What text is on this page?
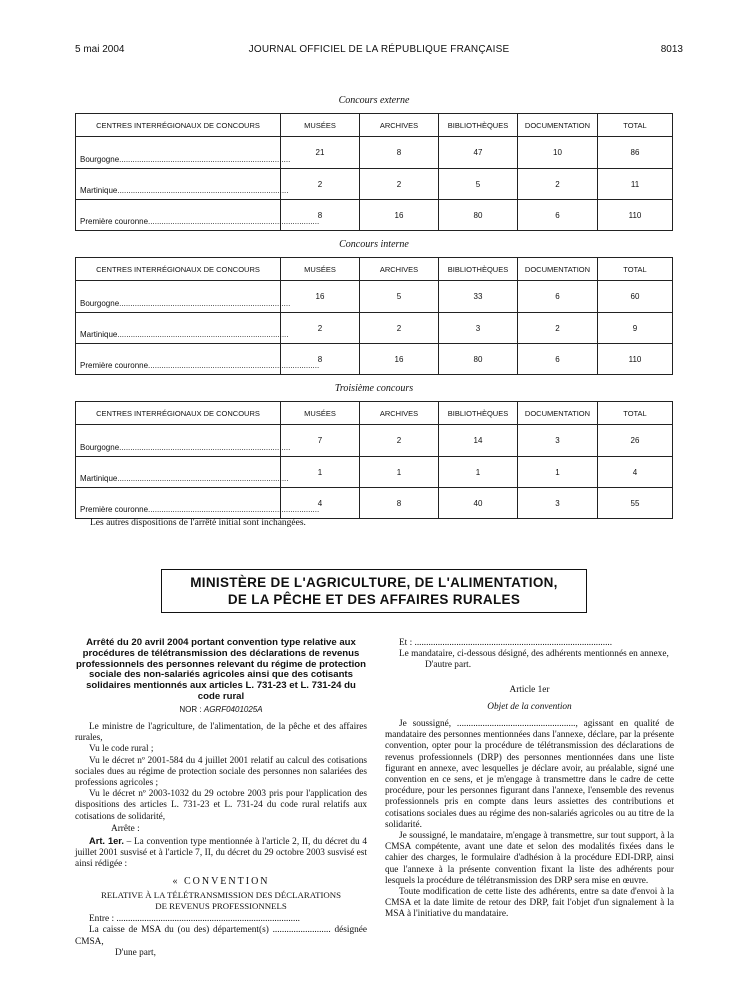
5 mai 2004	JOURNAL OFFICIEL DE LA RÉPUBLIQUE FRANÇAISE	8013
Concours externe
CENTRES INTERRÉGIONAUX DE CONCOURS	MUSÉES	ARCHIVES	BIBLIOTHÈQUES	DOCUMENTATION	TOTAL

Bourgogne.............................................................................	21	8	47	10	86

Martinique.............................................................................	2	2	5	2	11

Première couronne.............................................................................	8	16	80	6	110
Concours interne
CENTRES INTERRÉGIONAUX DE CONCOURS	MUSÉES	ARCHIVES	BIBLIOTHÈQUES	DOCUMENTATION	TOTAL

Bourgogne.............................................................................	16	5	33	6	60

Martinique.............................................................................	2	2	3	2	9

Première couronne.............................................................................	8	16	80	6	110
Troisième concours
CENTRES INTERRÉGIONAUX DE CONCOURS	MUSÉES	ARCHIVES	BIBLIOTHÈQUES	DOCUMENTATION	TOTAL

Bourgogne.............................................................................	7	2	14	3	26

Martinique.............................................................................	1	1	1	1	4

Première couronne.............................................................................	4	8	40	3	55
Les autres dispositions de l'arrêté initial sont inchangées.
MINISTÈRE DE L'AGRICULTURE, DE L'ALIMENTATION,
DE LA PÊCHE ET DES AFFAIRES RURALES

Arrêté du 20 avril 2004 portant convention type relative aux procédures de télétransmission des déclarations de revenus professionnels des personnes relevant du régime de protection sociale des non-salariés agricoles ainsi que des cotisants solidaires mentionnés aux articles L. 731-23 et L. 731-24 du code rural

NOR : AGRF0401025A

Le ministre de l'agriculture, de l'alimentation, de la pêche et des affaires rurales,

Vu le code rural ;

Vu le décret nº 2001-584 du 4 juillet 2001 relatif au calcul des cotisations sociales dues au régime de protection sociale des personnes non salariées des professions agricoles ;

Vu le décret nº 2003-1032 du 29 octobre 2003 pris pour l'application des dispositions des articles L. 731-23 et L. 731-24 du code rural relatifs aux cotisations de solidarité,

Arrête :

Art. 1er. – La convention type mentionnée à l'article 2, II, du décret du 4 juillet 2001 susvisé et à l'article 7, II, du décret du 29 octobre 2003 susvisé est ainsi rédigée :

« CONVENTION

RELATIVE À LA TÉLÉTRANSMISSION DES DÉCLARATIONS

DE REVENUS PROFESSIONNELS

Entre : ...............................................................................

La caisse de MSA du (ou des) département(s) ......................... désignée CMSA,

D'une part,

Et : .....................................................................................

Le mandataire, ci-dessous désigné, des adhérents mentionnés en annexe,

D'autre part.

Article 1er

Objet de la convention

Je soussigné, ..................................................., agissant en qualité de mandataire des personnes mentionnées dans l'annexe, déclare, par la présente convention, opter pour la procédure de télétransmission des déclarations de revenus professionnels (DRP) des personnes mentionnées dans une liste figurant en annexe, avec lesquelles je déclare avoir, au préalable, signé une convention en ce sens, et je m'engage à transmettre dans le cadre de cette procédure, pour les personnes figurant dans l'annexe, l'ensemble des revenus professionnels pris en compte dans leurs assiettes des contributions et cotisations sociales dues au régime des non-salariés agricoles ou au titre de la solidarité.

Je soussigné, le mandataire, m'engage à transmettre, sur tout support, à la CMSA compétente, avant une date et selon des modalités fixées dans le cahier des charges, le formulaire d'adhésion à la procédure EDI-DRP, ainsi que l'annexe à la présente convention fixant la liste des adhérents pour lesquels la procédure de télétransmission des DRP sera mise en œuvre.

Toute modification de cette liste des adhérents, entre sa date d'envoi à la CMSA et la date limite de retour des DRP, fait l'objet d'un signalement à la MSA à l'initiative du mandataire.
